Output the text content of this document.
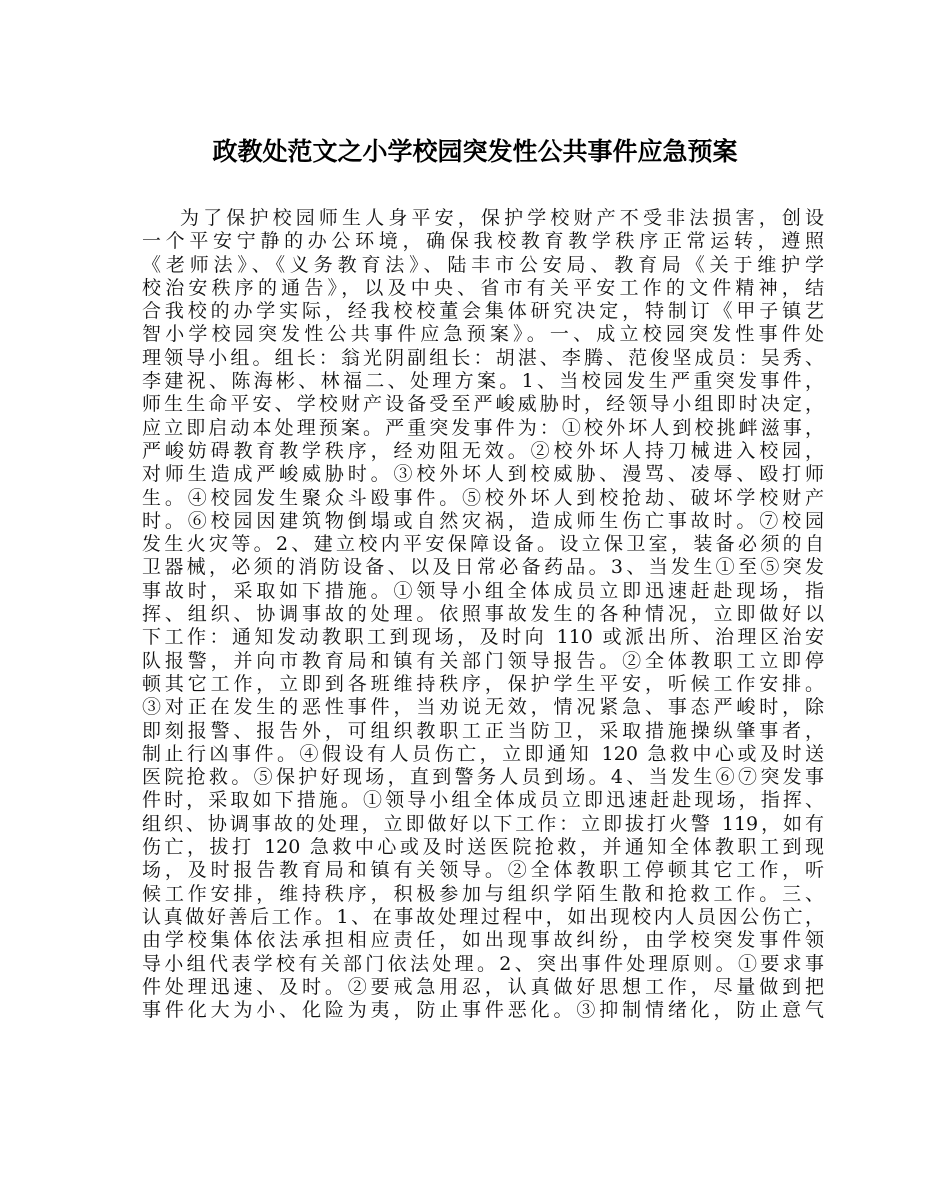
政教处范文之小学校园突发性公共事件应急预案
为了保护校园师生人身平安，保护学校财产不受非法损害，创设
一个平安宁静的办公环境，确保我校教育教学秩序正常运转，遵照
《老师法》、《义务教育法》、陆丰市公安局、教育局《关于维护学
校治安秩序的通告》，以及中央、省市有关平安工作的文件精神，结
合我校的办学实际，经我校校董会集体研究决定，特制订《甲子镇艺
智小学校园突发性公共事件应急预案》。一、成立校园突发性事件处
理领导小组。组长：翁光阴副组长：胡湛、李腾、范俊坚成员：吴秀、
李建祝、陈海彬、林福二、处理方案。1、当校园发生严重突发事件，
师生生命平安、学校财产设备受至严峻威胁时，经领导小组即时决定，
应立即启动本处理预案。严重突发事件为：①校外坏人到校挑衅滋事，
严峻妨碍教育教学秩序，经劝阻无效。②校外坏人持刀械进入校园，
对师生造成严峻威胁时。③校外坏人到校威胁、漫骂、凌辱、殴打师
生。④校园发生聚众斗殴事件。⑤校外坏人到校抢劫、破坏学校财产
时。⑥校园因建筑物倒塌或自然灾祸，造成师生伤亡事故时。⑦校园
发生火灾等。2、建立校内平安保障设备。设立保卫室，装备必须的自
卫器械，必须的消防设备、以及日常必备药品。3、当发生①至⑤突发
事故时，采取如下措施。①领导小组全体成员立即迅速赶赴现场，指
挥、组织、协调事故的处理。依照事故发生的各种情况，立即做好以
下工作：通知发动教职工到现场，及时向 110 或派出所、治理区治安
队报警，并向市教育局和镇有关部门领导报告。②全体教职工立即停
顿其它工作，立即到各班维持秩序，保护学生平安，听候工作安排。
③对正在发生的恶性事件，当劝说无效，情况紧急、事态严峻时，除
即刻报警、报告外，可组织教职工正当防卫，采取措施操纵肇事者，
制止行凶事件。④假设有人员伤亡，立即通知 120 急救中心或及时送
医院抢救。⑤保护好现场，直到警务人员到场。4、当发生⑥⑦突发事
件时，采取如下措施。①领导小组全体成员立即迅速赶赴现场，指挥、
组织、协调事故的处理，立即做好以下工作：立即拔打火警 119，如有
伤亡，拔打 120 急救中心或及时送医院抢救，并通知全体教职工到现
场，及时报告教育局和镇有关领导。②全体教职工停顿其它工作，听
候工作安排，维持秩序，积极参加与组织学陌生散和抢救工作。三、
认真做好善后工作。1、在事故处理过程中，如出现校内人员因公伤亡，
由学校集体依法承担相应责任，如出现事故纠纷，由学校突发事件领
导小组代表学校有关部门依法处理。2、突出事件处理原则。①要求事
件处理迅速、及时。②要戒急用忍，认真做好思想工作，尽量做到把
事件化大为小、化险为夷，防止事件恶化。③抑制情绪化，防止意气
